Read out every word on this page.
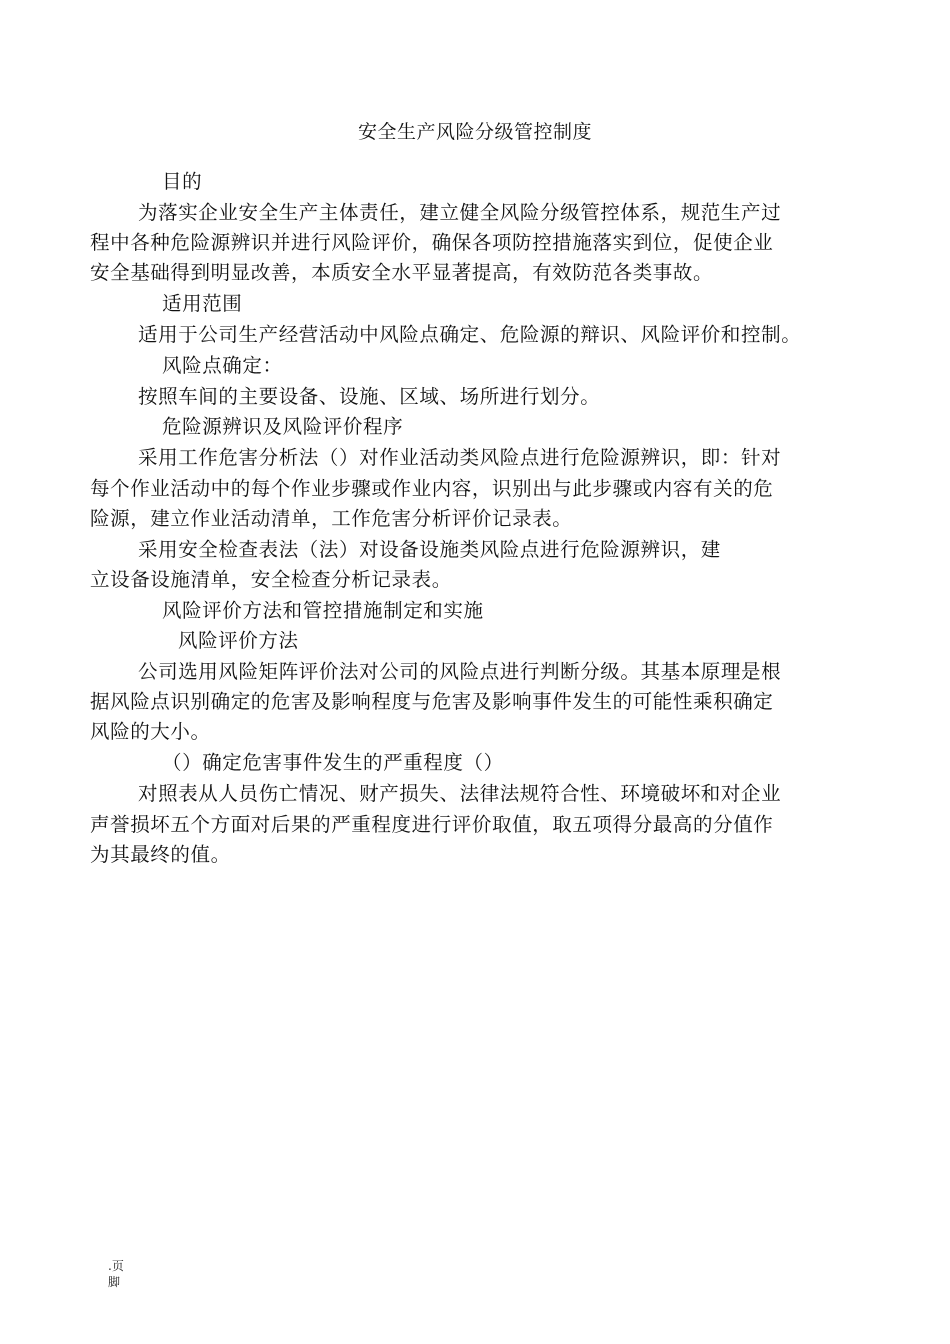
安全生产风险分级管控制度
目的
为落实企业安全生产主体责任，建立健全风险分级管控体系，规范生产过
程中各种危险源辨识并进行风险评价，确保各项防控措施落实到位，促使企业
安全基础得到明显改善，本质安全水平显著提高，有效防范各类事故。
适用范围
适用于公司生产经营活动中风险点确定、危险源的辩识、风险评价和控制。
风险点确定：
按照车间的主要设备、设施、区域、场所进行划分。
危险源辨识及风险评价程序
采用工作危害分析法（）对作业活动类风险点进行危险源辨识，即：针对
每个作业活动中的每个作业步骤或作业内容，识别出与此步骤或内容有关的危
险源，建立作业活动清单，工作危害分析评价记录表。
采用安全检查表法（法）对设备设施类风险点进行危险源辨识，建
立设备设施清单，安全检查分析记录表。
风险评价方法和管控措施制定和实施
风险评价方法
公司选用风险矩阵评价法对公司的风险点进行判断分级。其基本原理是根
据风险点识别确定的危害及影响程度与危害及影响事件发生的可能性乘积确定
风险的大小。
（）确定危害事件发生的严重程度（）
对照表从人员伤亡情况、财产损失、法律法规符合性、环境破坏和对企业
声誉损坏五个方面对后果的严重程度进行评价取值，取五项得分最高的分值作
为其最终的值。
.页
脚
